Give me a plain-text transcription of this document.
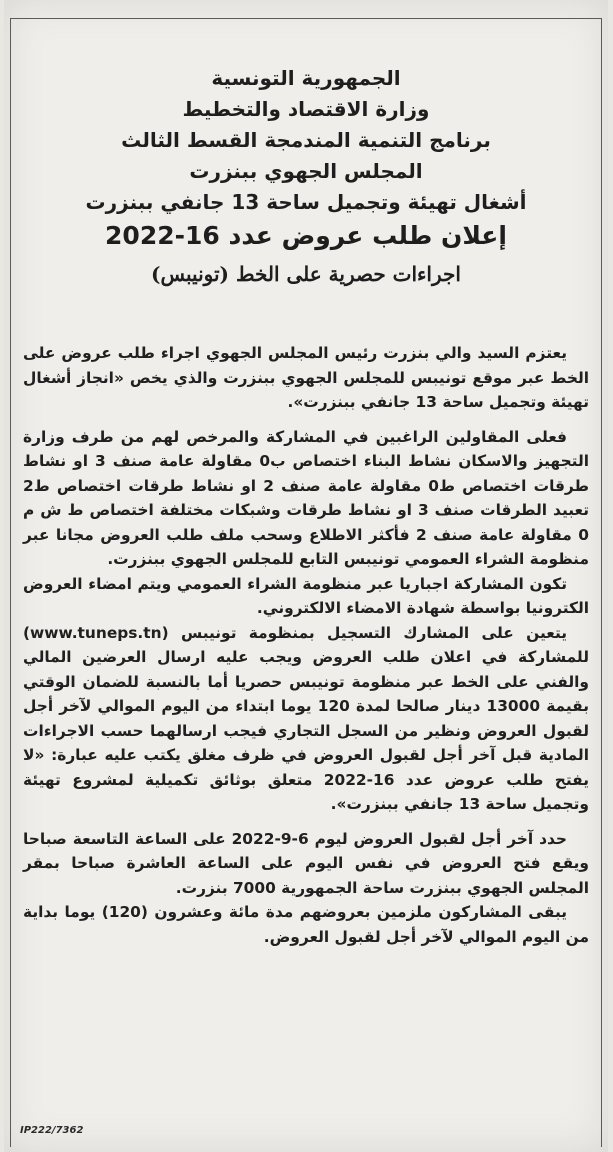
الجمهورية التونسية
وزارة الاقتصاد والتخطيط
برنامج التنمية المندمجة القسط الثالث
المجلس الجهوي ببنزرت
أشغال تهيئة وتجميل ساحة 13 جانفي ببنزرت
إعلان طلب عروض عدد 16-2022
اجراءات حصرية على الخط (تونيبس)

يعتزم السيد والي بنزرت رئيس المجلس الجهوي اجراء طلب عروض على الخط عبر موقع تونيبس للمجلس الجهوي ببنزرت والذي يخص «انجاز أشغال تهيئة وتجميل ساحة 13 جانفي ببنزرت».

فعلى المقاولين الراغبين في المشاركة والمرخص لهم من طرف وزارة التجهيز والاسكان نشاط البناء اختصاص ب0 مقاولة عامة صنف 3 او نشاط طرقات اختصاص ط0 مقاولة عامة صنف 2 او نشاط طرقات اختصاص ط2 تعبيد الطرقات صنف 3 او نشاط طرقات وشبكات مختلفة اختصاص ط ش م 0 مقاولة عامة صنف 2 فأكثر الاطلاع وسحب ملف طلب العروض مجانا عبر منظومة الشراء العمومي تونيبس التابع للمجلس الجهوي ببنزرت.

تكون المشاركة اجباريا عبر منظومة الشراء العمومي ويتم امضاء العروض الكترونيا بواسطة شهادة الامضاء الالكتروني.

يتعين على المشارك التسجيل بمنظومة تونيبس (www.tuneps.tn) للمشاركة في اعلان طلب العروض ويجب عليه ارسال العرضين المالي والفني على الخط عبر منظومة تونيبس حصريا أما بالنسبة للضمان الوقتي بقيمة 13000 دينار صالحا لمدة 120 يوما ابتداء من اليوم الموالي لآخر أجل لقبول العروض ونظير من السجل التجاري فيجب ارسالهما حسب الاجراءات المادية قبل آخر أجل لقبول العروض في ظرف مغلق يكتب عليه عبارة: «لا يفتح طلب عروض عدد 16-2022 متعلق بوثائق تكميلية لمشروع تهيئة وتجميل ساحة 13 جانفي ببنزرت».

حدد آخر أجل لقبول العروض ليوم 6-9-2022 على الساعة التاسعة صباحا ويقع فتح العروض في نفس اليوم على الساعة العاشرة صباحا بمقر المجلس الجهوي ببنزرت ساحة الجمهورية 7000 بنزرت.

يبقى المشاركون ملزمين بعروضهم مدة مائة وعشرون (120) يوما بداية من اليوم الموالي لآخر أجل لقبول العروض.

IP222/7362
